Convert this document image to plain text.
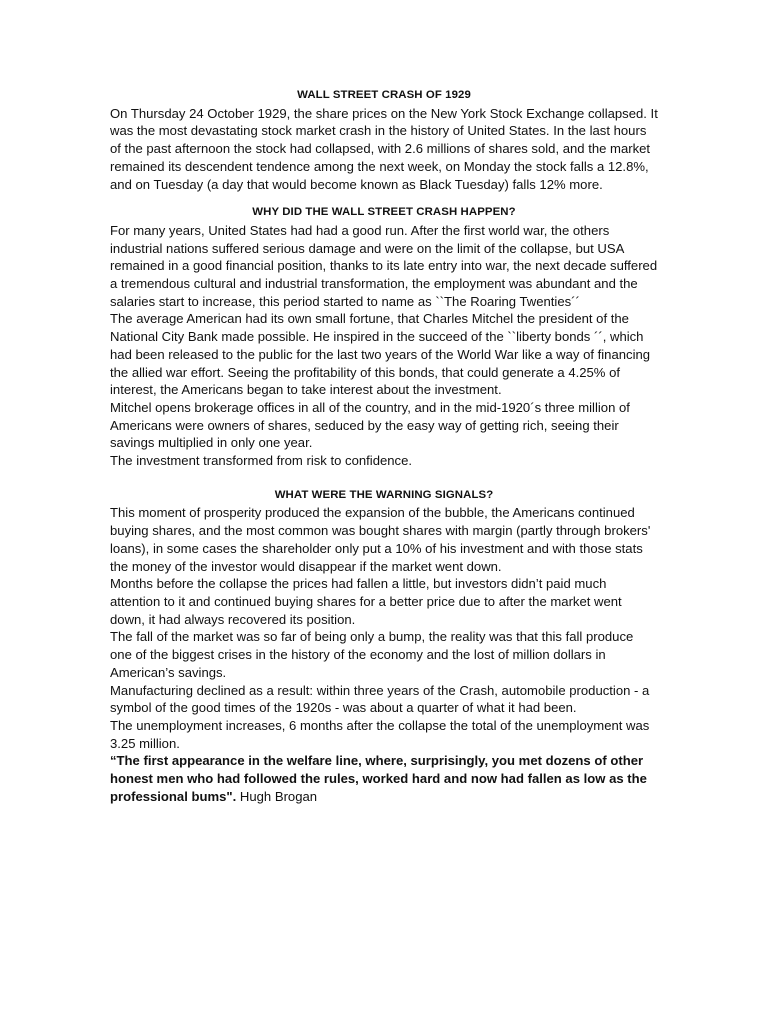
WALL STREET CRASH OF 1929

On Thursday 24 October 1929, the share prices on the New York Stock Exchange collapsed. It was the most devastating stock market crash in the history of United States. In the last hours of the past afternoon the stock had collapsed, with 2.6 millions of shares sold, and the market remained its descendent tendence among the next week, on Monday the stock falls a 12.8%, and on Tuesday (a day that would become known as Black Tuesday) falls 12% more.

WHY DID THE WALL STREET CRASH HAPPEN?

For many years, United States had had a good run. After the first world war, the others industrial nations suffered serious damage and were on the limit of the collapse, but USA remained in a good financial position, thanks to its late entry into war, the next decade suffered a tremendous cultural and industrial transformation, the employment was abundant and the salaries start to increase, this period started to name as ``The Roaring Twenties´´

The average American had its own small fortune, that Charles Mitchel the president of the National City Bank made possible. He inspired in the succeed of the ``liberty bonds ´´, which had been released to the public for the last two years of the World War like a way of financing the allied war effort. Seeing the profitability of this bonds, that could generate a 4.25% of interest, the Americans began to take interest about the investment.

Mitchel opens brokerage offices in all of the country, and in the mid-1920´s three million of Americans were owners of shares, seduced by the easy way of getting rich, seeing their savings multiplied in only one year.

The investment transformed from risk to confidence.

WHAT WERE THE WARNING SIGNALS?

This moment of prosperity produced the expansion of the bubble, the Americans continued buying shares, and the most common was bought shares with margin (partly through brokers' loans), in some cases the shareholder only put a 10% of his investment and with those stats the money of the investor would disappear if the market went down.

Months before the collapse the prices had fallen a little, but investors didn’t paid much attention to it and continued buying shares for a better price due to after the market went down, it had always recovered its position.

The fall of the market was so far of being only a bump, the reality was that this fall produce one of the biggest crises in the history of the economy and the lost of million dollars in American’s savings.

Manufacturing declined as a result: within three years of the Crash, automobile production - a symbol of the good times of the 1920s - was about a quarter of what it had been.

The unemployment increases, 6 months after the collapse the total of the unemployment was 3.25 million.

“The first appearance in the welfare line, where, surprisingly, you met dozens of other honest men who had followed the rules, worked hard and now had fallen as low as the professional bums". Hugh Brogan
